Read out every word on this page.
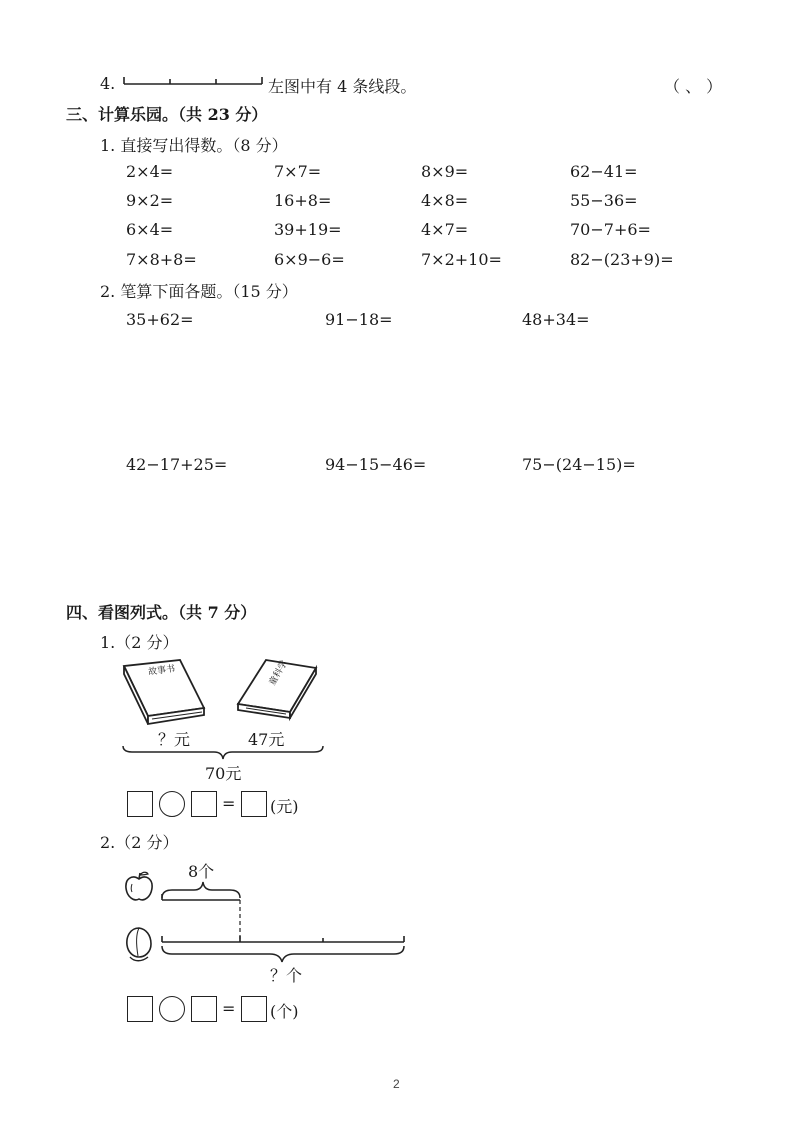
4.	左图中有 4 条线段。	（ 、 ）
三、计算乐园。（共 23 分）
1. 直接写出得数。（8 分）
2×4=	7×7=	8×9=	62−41=
9×2=	16+8=	4×8=	55−36=
6×4=	39+19=	4×7=	70−7+6=
7×8+8=	6×9−6=	7×2+10=	82−(23+9)=
2. 笔算下面各题。（15 分）
35+62=	91−18=	48+34=
42−17+25=	94−15−46=	75−(24−15)=
四、看图列式。（共 7 分）
1.（2 分）
故事书	童科学
？元	47元
70元
= (元)
2.（2 分）
8个
？个
= (个)
2
